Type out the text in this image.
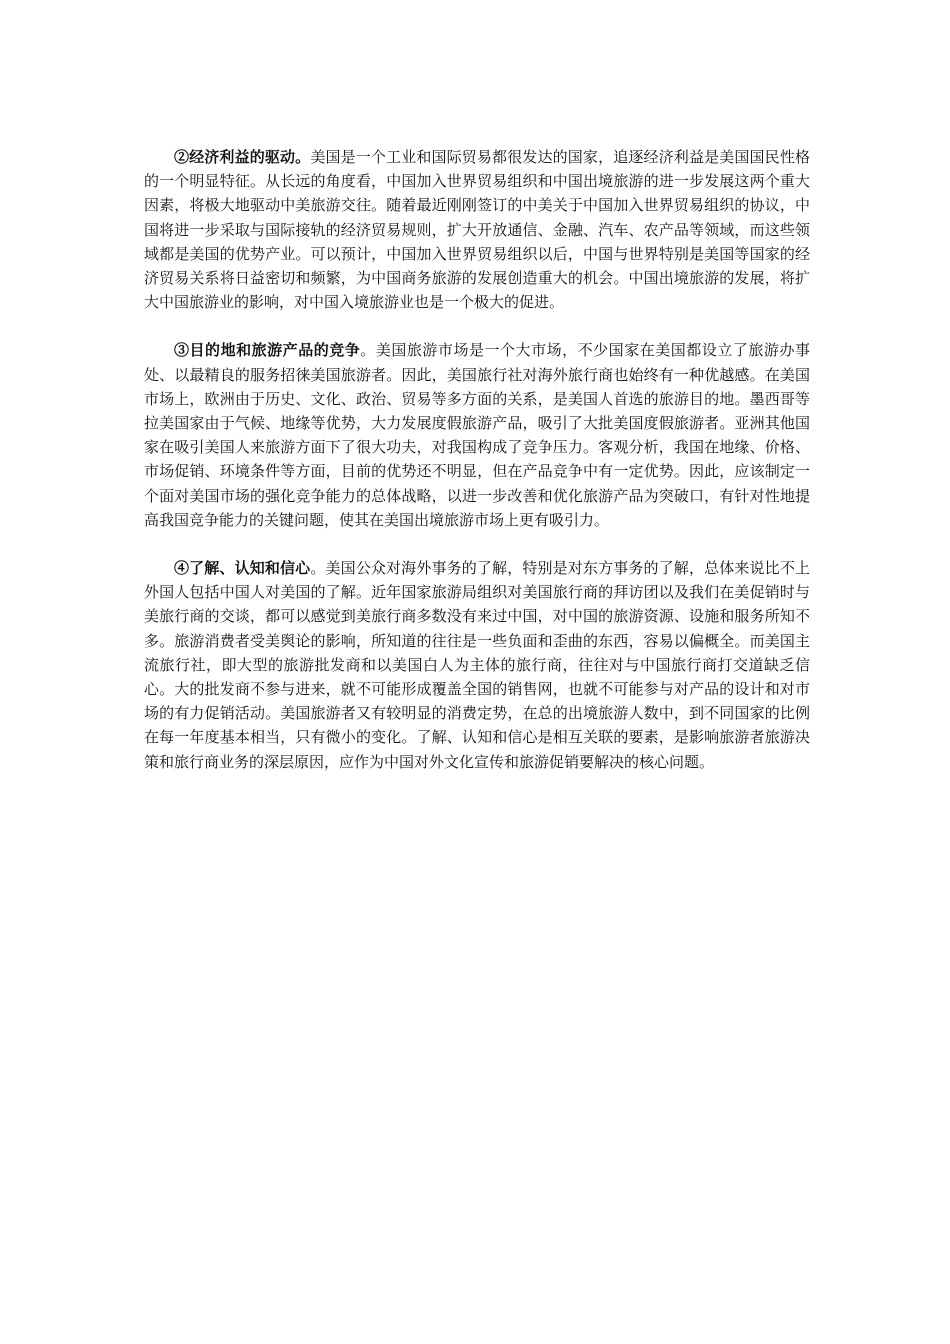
②经济利益的驱动。美国是一个工业和国际贸易都很发达的国家，追逐经济利益是美国国民性格的一个明显特征。从长远的角度看，中国加入世界贸易组织和中国出境旅游的进一步发展这两个重大因素，将极大地驱动中美旅游交往。随着最近刚刚签订的中美关于中国加入世界贸易组织的协议，中国将进一步采取与国际接轨的经济贸易规则，扩大开放通信、金融、汽车、农产品等领域，而这些领域都是美国的优势产业。可以预计，中国加入世界贸易组织以后，中国与世界特别是美国等国家的经济贸易关系将日益密切和频繁，为中国商务旅游的发展创造重大的机会。中国出境旅游的发展，将扩大中国旅游业的影响，对中国入境旅游业也是一个极大的促进。

③目的地和旅游产品的竞争。美国旅游市场是一个大市场，不少国家在美国都设立了旅游办事处、以最精良的服务招徕美国旅游者。因此，美国旅行社对海外旅行商也始终有一种优越感。在美国市场上，欧洲由于历史、文化、政治、贸易等多方面的关系，是美国人首选的旅游目的地。墨西哥等拉美国家由于气候、地缘等优势，大力发展度假旅游产品，吸引了大批美国度假旅游者。亚洲其他国家在吸引美国人来旅游方面下了很大功夫，对我国构成了竞争压力。客观分析，我国在地缘、价格、市场促销、环境条件等方面，目前的优势还不明显，但在产品竞争中有一定优势。因此，应该制定一个面对美国市场的强化竞争能力的总体战略，以进一步改善和优化旅游产品为突破口，有针对性地提高我国竞争能力的关键问题，使其在美国出境旅游市场上更有吸引力。

④了解、认知和信心。美国公众对海外事务的了解，特别是对东方事务的了解，总体来说比不上外国人包括中国人对美国的了解。近年国家旅游局组织对美国旅行商的拜访团以及我们在美促销时与美旅行商的交谈，都可以感觉到美旅行商多数没有来过中国，对中国的旅游资源、设施和服务所知不多。旅游消费者受美舆论的影响，所知道的往往是一些负面和歪曲的东西，容易以偏概全。而美国主流旅行社，即大型的旅游批发商和以美国白人为主体的旅行商，往往对与中国旅行商打交道缺乏信心。大的批发商不参与进来，就不可能形成覆盖全国的销售网，也就不可能参与对产品的设计和对市场的有力促销活动。美国旅游者又有较明显的消费定势，在总的出境旅游人数中，到不同国家的比例在每一年度基本相当，只有微小的变化。了解、认知和信心是相互关联的要素，是影响旅游者旅游决策和旅行商业务的深层原因，应作为中国对外文化宣传和旅游促销要解决的核心问题。
